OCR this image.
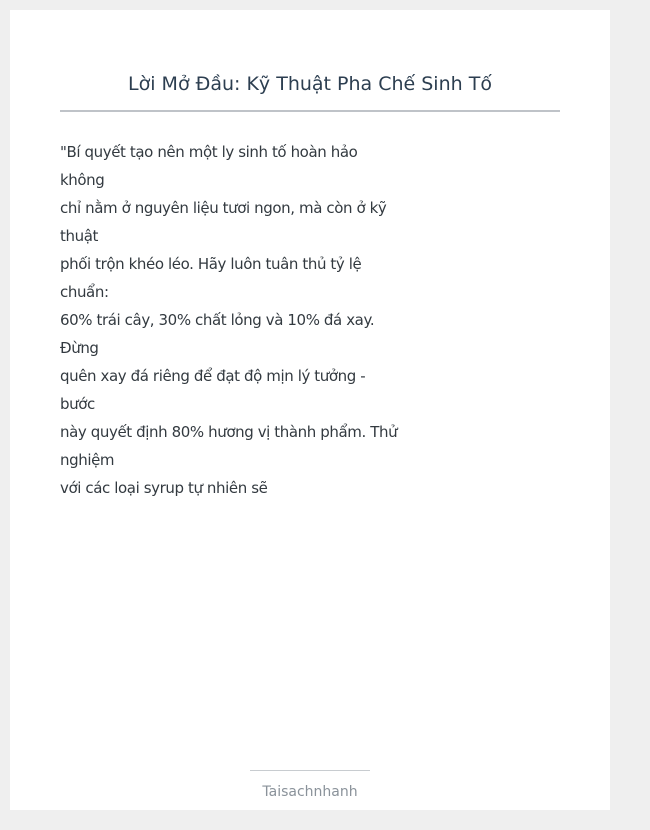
Lời Mở Đầu: Kỹ Thuật Pha Chế Sinh Tố
"Bí quyết tạo nên một ly sinh tố hoàn hảo
không
chỉ nằm ở nguyên liệu tươi ngon, mà còn ở kỹ
thuật
phối trộn khéo léo. Hãy luôn tuân thủ tỷ lệ
chuẩn:
60% trái cây, 30% chất lỏng và 10% đá xay.
Đừng
quên xay đá riêng để đạt độ mịn lý tưởng -
bước
này quyết định 80% hương vị thành phẩm. Thử
nghiệm
với các loại syrup tự nhiên sẽ
Taisachnhanh
